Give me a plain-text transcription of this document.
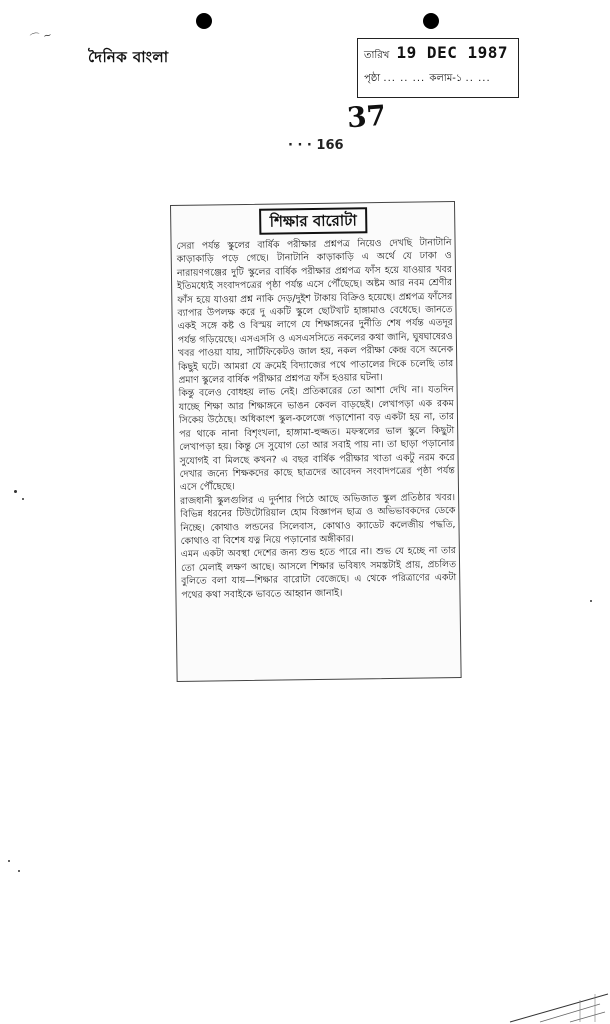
⌒ ~
দৈনিক বাংলা	তারিখ 19 DEC 1987
পৃষ্ঠা ... .. ... কলাম-১ .. ...
37
· · · 166
শিক্ষার বারোটা

সেরা পর্যন্ত স্কুলের বার্ষিক পরীক্ষার প্রশ্নপত্র নিয়েও দেখছি টানাটানি কাড়াকাড়ি পড়ে গেছে। টানাটানি কাড়াকাড়ি এ অর্থে যে ঢাকা ও নারায়ণগঞ্জের দুটি স্কুলের বার্ষিক পরীক্ষার প্রশ্নপত্র ফাঁস হয়ে যাওয়ার খবর ইতিমধ্যেই সংবাদপত্রের পৃষ্ঠা পর্যন্ত এসে পৌঁছেছে। অষ্টম আর নবম শ্রেণীর ফাঁস হয়ে যাওয়া প্রশ্ন নাকি দেড়/দুইশ টাকায় বিক্রিও হয়েছে। প্রশ্নপত্র ফাঁসের ব্যাপার উপলক্ষ করে দু একটি স্কুলে ছোটখাট হাঙ্গামাও বেধেছে। জানতে একই সঙ্গে কষ্ট ও বিস্ময় লাগে যে শিক্ষাঙ্গনের দুর্নীতি শেষ পর্যন্ত এতদূর পর্যন্ত গড়িয়েছে। এসএসসি ও এসএসসিতে নকলের কথা জানি, ঘুষঘাষেরও খবর পাওয়া যায়, সার্টিফিকেটও জাল হয়, নকল পরীক্ষা কেন্দ্র বসে অনেক কিছুই ঘটে। আমরা যে ক্রমেই বিদ্যাজের পথে পাতালের দিকে চলেছি তার প্রমাণ স্কুলের বার্ষিক পরীক্ষার প্রশ্নপত্র ফাঁস হওয়ার ঘটনা।

কিন্তু বলেও বোধহয় লাভ নেই। প্রতিকারের তো আশা দেখি না। যতদিন যাচ্ছে শিক্ষা আর শিক্ষাঙ্গনে ভাঙন কেবল বাড়ছেই। লেখাপড়া এক রকম সিকেয় উঠেছে। অধিকাংশ স্কুল-কলেজে পড়াশোনা বড় একটা হয় না, তার পর থাকে নানা বিশৃংখলা, হাঙ্গামা-হুজ্জত। মফস্বলের ভাল স্কুলে কিছুটা লেখাপড়া হয়। কিন্তু সে সুযোগ তো আর সবাই পায় না। তা ছাড়া পড়ানোর সুযোগই বা মিলছে কখন? এ বছর বার্ষিক পরীক্ষার খাতা একটু নরম করে দেখার জন্যে শিক্ষকদের কাছে ছাত্রদের আবেদন সংবাদপত্রের পৃষ্ঠা পর্যন্ত এসে পৌঁছেছে।

রাজধানী স্কুলগুলির এ দুর্দশার পিঠে আছে অভিজাত স্কুল প্রতিষ্ঠার খবর। বিভিন্ন ধরনের টিউটোরিয়াল হোম বিজ্ঞাপন ছাত্র ও অভিভাবকদের ডেকে নিচ্ছে। কোথাও লন্ডনের সিলেবাস, কোথাও ক্যাডেট কলেজীয় পদ্ধতি, কোথাও বা বিশেষ যত্ন নিয়ে পড়ানোর অঙ্গীকার।

এমন একটা অবস্থা দেশের জন্য শুভ হতে পারে না। শুভ যে হচ্ছে না তার তো মেলাই লক্ষণ আছে। আসলে শিক্ষার ভবিষ্যৎ সমস্তটাই প্রায়, প্রচলিত বুলিতে বলা যায়—শিক্ষার বারোটা বেজেছে। এ থেকে পরিত্রাণের একটা পথের কথা সবাইকে ভাবতে আহ্বান জানাই।
